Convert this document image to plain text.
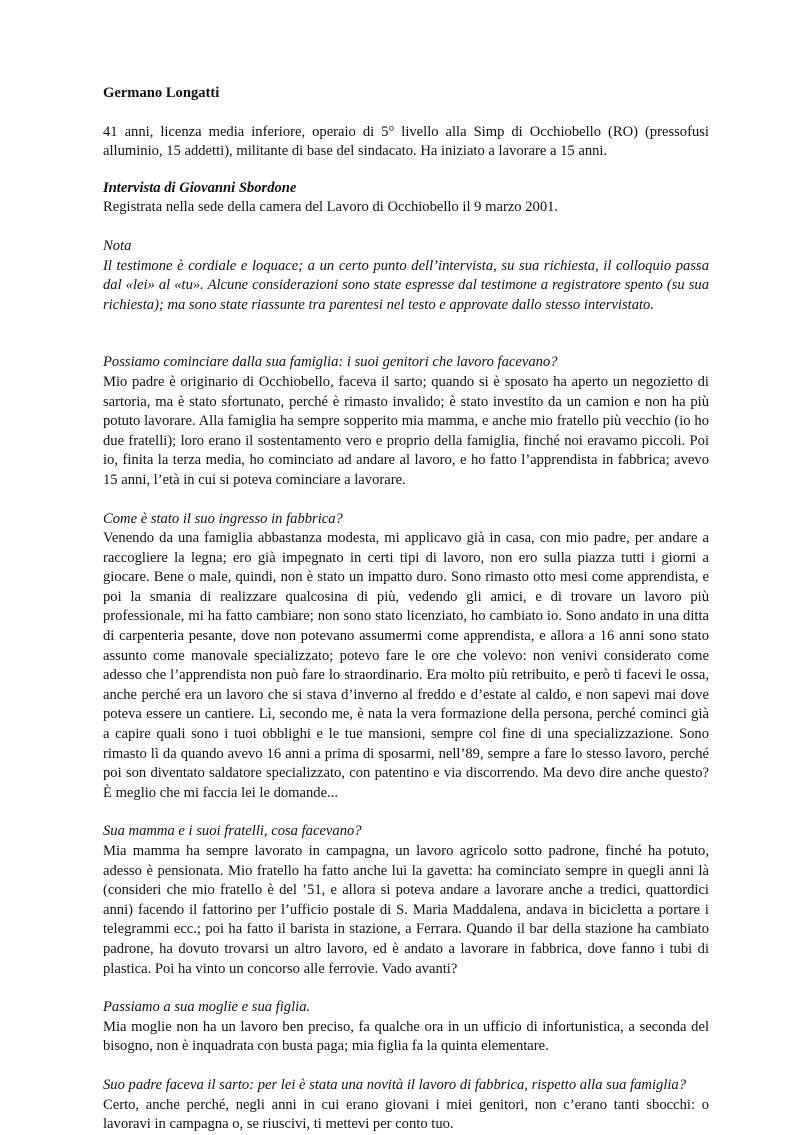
Germano Longatti

41 anni, licenza media inferiore, operaio di 5° livello alla Simp di Occhiobello (RO) (pressofusi alluminio, 15 addetti), militante di base del sindacato. Ha iniziato a lavorare a 15 anni.

Intervista di Giovanni Sbordone

Registrata nella sede della camera del Lavoro di Occhiobello il 9 marzo 2001.

Nota

Il testimone è cordiale e loquace; a un certo punto dell’intervista, su sua richiesta, il colloquio passa dal «lei» al «tu». Alcune considerazioni sono state espresse dal testimone a registratore spento (su sua richiesta); ma sono state riassunte tra parentesi nel testo e approvate dallo stesso intervistato.

Possiamo cominciare dalla sua famiglia: i suoi genitori che lavoro facevano?

Mio padre è originario di Occhiobello, faceva il sarto; quando si è sposato ha aperto un negozietto di sartoria, ma è stato sfortunato, perché è rimasto invalido; è stato investito da un camion e non ha più potuto lavorare. Alla famiglia ha sempre sopperito mia mamma, e anche mio fratello più vecchio (io ho due fratelli); loro erano il sostentamento vero e proprio della famiglia, finché noi eravamo piccoli. Poi io, finita la terza media, ho cominciato ad andare al lavoro, e ho fatto l’apprendista in fabbrica; avevo 15 anni, l’età in cui si poteva cominciare a lavorare.

Come è stato il suo ingresso in fabbrica?

Venendo da una famiglia abbastanza modesta, mi applicavo già in casa, con mio padre, per andare a raccogliere la legna; ero già impegnato in certi tipi di lavoro, non ero sulla piazza tutti i giorni a giocare. Bene o male, quindi, non è stato un impatto duro. Sono rimasto otto mesi come apprendista, e poi la smania di realizzare qualcosina di più, vedendo gli amici, e di trovare un lavoro più professionale, mi ha fatto cambiare; non sono stato licenziato, ho cambiato io. Sono andato in una ditta di carpenteria pesante, dove non potevano assumermi come apprendista, e allora a 16 anni sono stato assunto come manovale specializzato; potevo fare le ore che volevo: non venivi considerato come adesso che l’apprendista non può fare lo straordinario. Era molto più retribuito, e però ti facevi le ossa, anche perché era un lavoro che si stava d’inverno al freddo e d’estate al caldo, e non sapevi mai dove poteva essere un cantiere. Lì, secondo me, è nata la vera formazione della persona, perché cominci già a capire quali sono i tuoi obblighi e le tue mansioni, sempre col fine di una specializzazione. Sono rimasto lì da quando avevo 16 anni a prima di sposarmi, nell’89, sempre a fare lo stesso lavoro, perché poi son diventato saldatore specializzato, con patentino e via discorrendo. Ma devo dire anche questo? È meglio che mi faccia lei le domande...

Sua mamma e i suoi fratelli, cosa facevano?

Mia mamma ha sempre lavorato in campagna, un lavoro agricolo sotto padrone, finché ha potuto, adesso è pensionata. Mio fratello ha fatto anche lui la gavetta: ha cominciato sempre in quegli anni là (consideri che mio fratello è del ’51, e allora si poteva andare a lavorare anche a tredici, quattordici anni) facendo il fattorino per l’ufficio postale di S. Maria Maddalena, andava in bicicletta a portare i telegrammi ecc.; poi ha fatto il barista in stazione, a Ferrara. Quando il bar della stazione ha cambiato padrone, ha dovuto trovarsi un altro lavoro, ed è andato a lavorare in fabbrica, dove fanno i tubi di plastica. Poi ha vinto un concorso alle ferrovie. Vado avanti?

Passiamo a sua moglie e sua figlia.

Mia moglie non ha un lavoro ben preciso, fa qualche ora in un ufficio di infortunistica, a seconda del bisogno, non è inquadrata con busta paga; mia figlia fa la quinta elementare.

Suo padre faceva il sarto: per lei è stata una novità il lavoro di fabbrica, rispetto alla sua famiglia?

Certo, anche perché, negli anni in cui erano giovani i miei genitori, non c’erano tanti sbocchi: o lavoravi in campagna o, se riuscivi, ti mettevi per conto tuo.
